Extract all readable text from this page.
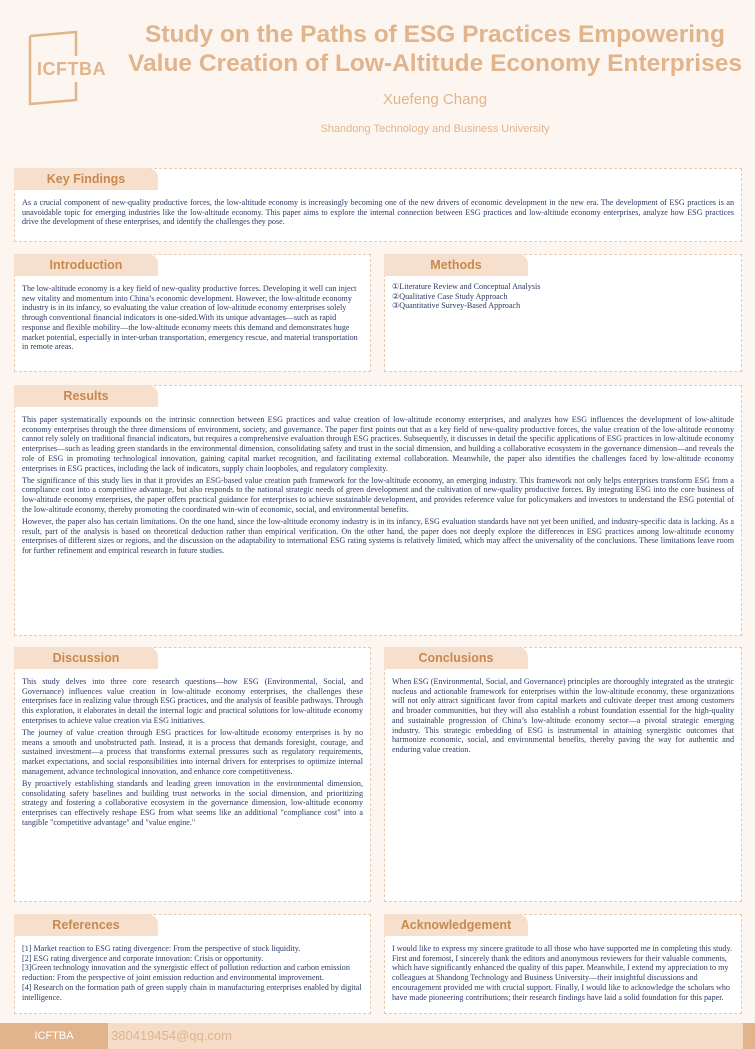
ICFTBA
Study on the Paths of ESG Practices Empowering
Value Creation of Low-Altitude Economy Enterprises
Xuefeng Chang
Shandong Technology and Business University
Key Findings

As a crucial component of new-quality productive forces, the low-altitude economy is increasingly becoming one of the new drivers of economic development in the new era. The development of ESG practices is an unavoidable topic for emerging industries like the low-altitude economy. This paper aims to explore the internal connection between ESG practices and low-altitude economy enterprises, analyze how ESG practices drive the development of these enterprises, and identify the challenges they pose.

Introduction

The low-altitude economy is a key field of new-quality productive forces. Developing it well can inject new vitality and momentum into China’s economic development. However, the low-altitude economy industry is in its infancy, so evaluating the value creation of low-altitude economy enterprises solely through conventional financial indicators is one-sided.With its unique advantages—such as rapid response and flexible mobility—the low-altitude economy meets this demand and demonstrates huge market potential, especially in inter-urban transportation, emergency rescue, and material transportation in remote areas.

Methods
①Literature Review and Conceptual Analysis
②Qualitative Case Study Approach
③Quantitative Survey-Based Approach
Results

This paper systematically expounds on the intrinsic connection between ESG practices and value creation of low-altitude economy enterprises, and analyzes how ESG influences the development of low-altitude economy enterprises through the three dimensions of environment, society, and governance. The paper first points out that as a key field of new-quality productive forces, the value creation of the low-altitude economy cannot rely solely on traditional financial indicators, but requires a comprehensive evaluation through ESG practices. Subsequently, it discusses in detail the specific applications of ESG practices in low-altitude economy enterprises—such as leading green standards in the environmental dimension, consolidating safety and trust in the social dimension, and building a collaborative ecosystem in the governance dimension—and reveals the role of ESG in promoting technological innovation, gaining capital market recognition, and facilitating external collaboration. Meanwhile, the paper also identifies the challenges faced by low-altitude economy enterprises in ESG practices, including the lack of indicators, supply chain loopholes, and regulatory complexity.

The significance of this study lies in that it provides an ESG-based value creation path framework for the low-altitude economy, an emerging industry. This framework not only helps enterprises transform ESG from a compliance cost into a competitive advantage, but also responds to the national strategic needs of green development and the cultivation of new-quality productive forces. By integrating ESG into the core business of low-altitude economy enterprises, the paper offers practical guidance for enterprises to achieve sustainable development, and provides reference value for policymakers and investors to understand the ESG potential of the low-altitude economy, thereby promoting the coordinated win-win of economic, social, and environmental benefits.

However, the paper also has certain limitations. On the one hand, since the low-altitude economy industry is in its infancy, ESG evaluation standards have not yet been unified, and industry-specific data is lacking. As a result, part of the analysis is based on theoretical deduction rather than empirical verification. On the other hand, the paper does not deeply explore the differences in ESG practices among low-altitude economy enterprises of different sizes or regions, and the discussion on the adaptability to international ESG rating systems is relatively limited, which may affect the universality of the conclusions. These limitations leave room for further refinement and empirical research in future studies.

Discussion

This study delves into three core research questions—how ESG (Environmental, Social, and Governance) influences value creation in low-altitude economy enterprises, the challenges these enterprises face in realizing value through ESG practices, and the analysis of feasible pathways. Through this exploration, it elaborates in detail the internal logic and practical solutions for low-altitude economy enterprises to achieve value creation via ESG initiatives.

The journey of value creation through ESG practices for low-altitude economy enterprises is by no means a smooth and unobstructed path. Instead, it is a process that demands foresight, courage, and sustained investment—a process that transforms external pressures such as regulatory requirements, market expectations, and social responsibilities into internal drivers for enterprises to optimize internal management, advance technological innovation, and enhance core competitiveness.

By proactively establishing standards and leading green innovation in the environmental dimension, consolidating safety baselines and building trust networks in the social dimension, and prioritizing strategy and fostering a collaborative ecosystem in the governance dimension, low-altitude economy enterprises can effectively reshape ESG from what seems like an additional "compliance cost" into a tangible "competitive advantage" and "value engine."

Conclusions

When ESG (Environmental, Social, and Governance) principles are thoroughly integrated as the strategic nucleus and actionable framework for enterprises within the low-altitude economy, these organizations will not only attract significant favor from capital markets and cultivate deeper trust among customers and broader communities, but they will also establish a robust foundation essential for the high-quality and sustainable progression of China’s low-altitude economy sector—a pivotal strategic emerging industry. This strategic embedding of ESG is instrumental in attaining synergistic outcomes that harmonize economic, social, and environmental benefits, thereby paving the way for authentic and enduring value creation.

References
[1] Market reaction to ESG rating divergence: From the perspective of stock liquidity.
[2] ESG rating divergence and corporate innovation: Crisis or opportunity.
[3]Green technology innovation and the synergistic effect of pollution reduction and carbon emission reduction: From the perspective of joint emission reduction and environmental improvement.
[4] Research on the formation path of green supply chain in manufacturing enterprises enabled by digital intelligence.
Acknowledgement

I would like to express my sincere gratitude to all those who have supported me in completing this study. First and foremost, I sincerely thank the editors and anonymous reviewers for their valuable comments, which have significantly enhanced the quality of this paper. Meanwhile, I extend my appreciation to my colleagues at Shandong Technology and Business University—their insightful discussions and encouragement provided me with crucial support. Finally, I would like to acknowledge the scholars who have made pioneering contributions; their research findings have laid a solid foundation for this paper.

ICFTBA	380419454@qq.com
